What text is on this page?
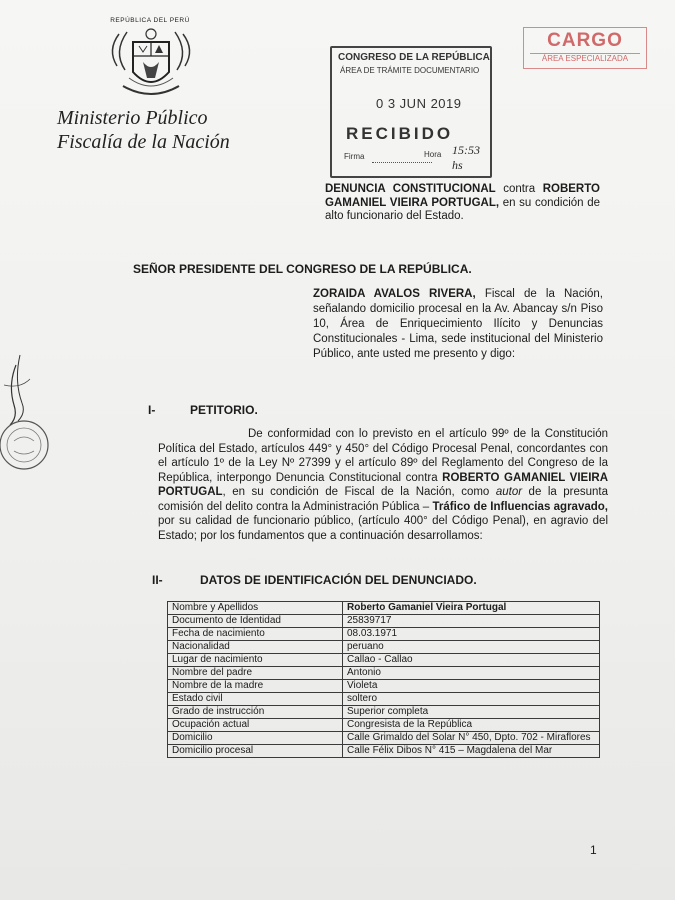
REPÚBLICA DEL PERÚ
Ministerio Público
Fiscalía de la Nación
CONGRESO DE LA REPÚBLICA
ÁREA DE TRÁMITE DOCUMENTARIO
0 3 JUN 2019
RECIBIDO
Firma	Hora 15:53 hs
CARGO
ÁREA ESPECIALIZADA
DENUNCIA CONSTITUCIONAL contra ROBERTO GAMANIEL VIEIRA PORTUGAL, en su condición de alto funcionario del Estado.
SEÑOR PRESIDENTE DEL CONGRESO DE LA REPÚBLICA.
ZORAIDA AVALOS RIVERA, Fiscal de la Nación, señalando domicilio procesal en la Av. Abancay s/n Piso 10, Área de Enriquecimiento Ilícito y Denuncias Constitucionales - Lima, sede institucional del Ministerio Público, ante usted me presento y digo:
I-	PETITORIO.
De conformidad con lo previsto en el artículo 99º de la Constitución Política del Estado, artículos 449° y 450° del Código Procesal Penal, concordantes con el artículo 1º de la Ley Nº 27399 y el artículo 89º del Reglamento del Congreso de la República, interpongo Denuncia Constitucional contra ROBERTO GAMANIEL VIEIRA PORTUGAL, en su condición de Fiscal de la Nación, como autor de la presunta comisión del delito contra la Administración Pública – Tráfico de Influencias agravado, por su calidad de funcionario público, (artículo 400° del Código Penal), en agravio del Estado; por los fundamentos que a continuación desarrollamos:
II-	DATOS DE IDENTIFICACIÓN DEL DENUNCIADO.
Nombre y Apellidos	Roberto Gamaniel Vieira Portugal
Documento de Identidad	25839717
Fecha de nacimiento	08.03.1971
Nacionalidad	peruano
Lugar de nacimiento	Callao - Callao
Nombre del padre	Antonio
Nombre de la madre	Violeta
Estado civil	soltero
Grado de instrucción	Superior completa
Ocupación actual	Congresista de la República
Domicilio	Calle Grimaldo del Solar N° 450, Dpto. 702 - Miraflores
Domicilio procesal	Calle Félix Dibos N° 415 – Magdalena del Mar
1
